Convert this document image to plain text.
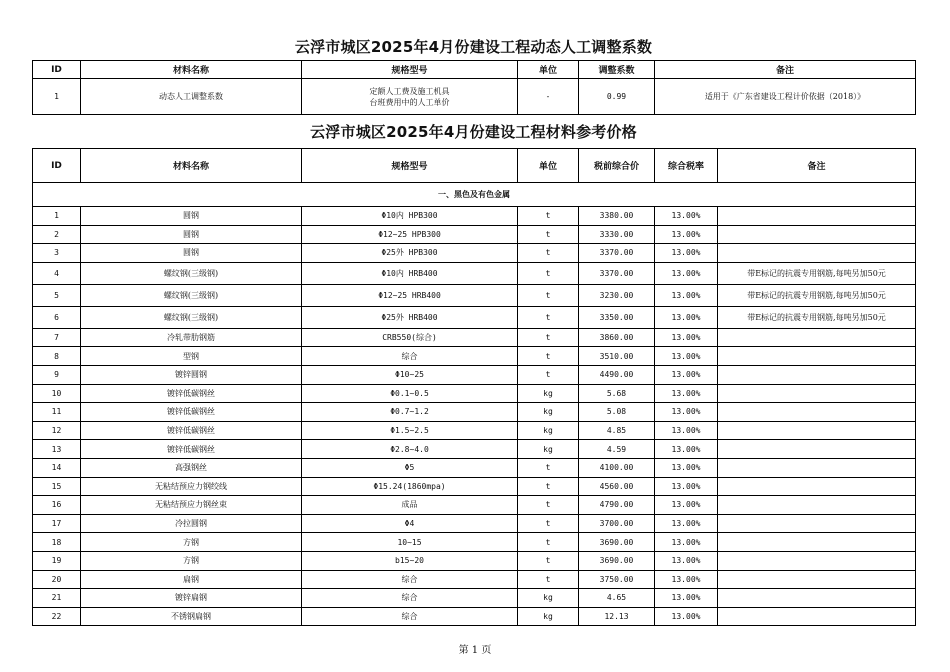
云浮市城区2025年4月份建设工程动态人工调整系数
ID	材料名称	规格型号	单位	调整系数	备注
1	动态人工调整系数	定额人工费及施工机具
台班费用中的人工单价	-	0.99	适用于《广东省建设工程计价依据（2018）》
云浮市城区2025年4月份建设工程材料参考价格
ID	材料名称	规格型号	单位	税前综合价	综合税率	备注
一、黑色及有色金属						
1	圆钢	Φ10内 HPB300	t	3380.00	13.00%	
2	圆钢	Φ12~25 HPB300	t	3330.00	13.00%	
3	圆钢	Φ25外 HPB300	t	3370.00	13.00%	
4	螺纹钢(三级钢)	Φ10内 HRB400	t	3370.00	13.00%	带E标记的抗震专用钢筋,每吨另加50元
5	螺纹钢(三级钢)	Φ12~25 HRB400	t	3230.00	13.00%	带E标记的抗震专用钢筋,每吨另加50元
6	螺纹钢(三级钢)	Φ25外 HRB400	t	3350.00	13.00%	带E标记的抗震专用钢筋,每吨另加50元
7	冷轧带肋钢筋	CRB550(综合)	t	3860.00	13.00%	
8	型钢	综合	t	3510.00	13.00%	
9	镀锌圆钢	Φ10~25	t	4490.00	13.00%	
10	镀锌低碳钢丝	Φ0.1~0.5	kg	5.68	13.00%	
11	镀锌低碳钢丝	Φ0.7~1.2	kg	5.08	13.00%	
12	镀锌低碳钢丝	Φ1.5~2.5	kg	4.85	13.00%	
13	镀锌低碳钢丝	Φ2.8~4.0	kg	4.59	13.00%	
14	高强钢丝	Φ5	t	4100.00	13.00%	
15	无粘结预应力钢绞线	Φ15.24(1860mpa)	t	4560.00	13.00%	
16	无粘结预应力钢丝束	成品	t	4790.00	13.00%	
17	冷拉圆钢	Φ4	t	3700.00	13.00%	
18	方钢	10~15	t	3690.00	13.00%	
19	方钢	b15~20	t	3690.00	13.00%	
20	扁钢	综合	t	3750.00	13.00%	
21	镀锌扁钢	综合	kg	4.65	13.00%	
22	不锈钢扁钢	综合	kg	12.13	13.00%	
第 1 页
